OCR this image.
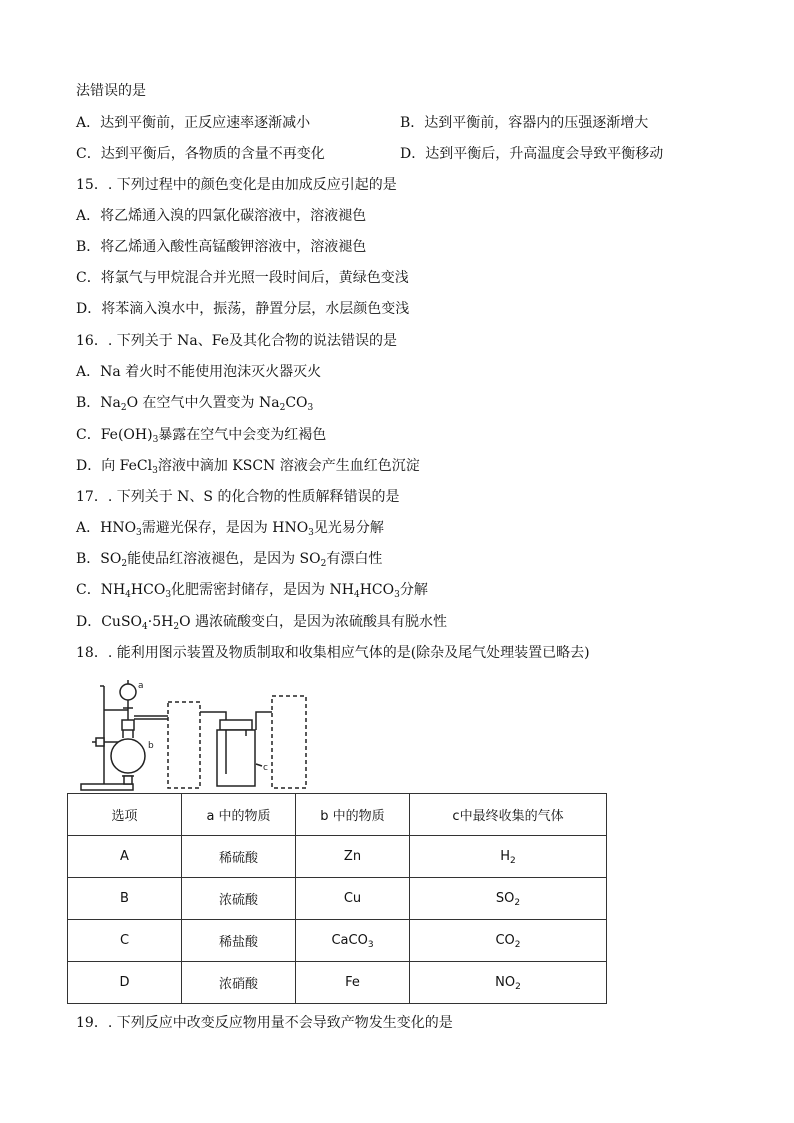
法错误的是
A．达到平衡前，正反应速率逐渐减小	B．达到平衡前，容器内的压强逐渐增大
C．达到平衡后，各物质的含量不再变化	D．达到平衡后，升高温度会导致平衡移动
15．. 下列过程中的颜色变化是由加成反应引起的是
A．将乙烯通入溴的四氯化碳溶液中，溶液褪色
B．将乙烯通入酸性高锰酸钾溶液中，溶液褪色
C．将氯气与甲烷混合并光照一段时间后，黄绿色变浅
D．将苯滴入溴水中，振荡，静置分层，水层颜色变浅
16．. 下列关于 Na、Fe及其化合物的说法错误的是
A．Na 着火时不能使用泡沫灭火器灭火
B．$Na_2O$ 在空气中久置变为 $Na_2CO_3$
C．$Fe(OH)_3$暴露在空气中会变为红褐色
D．向 FeCl$_3$溶液中滴加 KSCN 溶液会产生血红色沉淀
17．. 下列关于 N、S 的化合物的性质解释错误的是
A．$HNO_3$需避光保存，是因为 $HNO_3$见光易分解
B．$SO_2$能使品红溶液褪色，是因为 $SO_2$有漂白性
C．$NH_4HCO_3$化肥需密封储存，是因为 $NH_4HCO_3$分解
D．$CuSO_4\cdot 5H_2O$ 遇浓硫酸变白，是因为浓硫酸具有脱水性
18．. 能利用图示装置及物质制取和收集相应气体的是(除杂及尾气处理装置已略去)
a
b
c
选项	a 中的物质	b 中的物质	c中最终收集的气体
A	稀硫酸	Zn	$H_2$
B	浓硫酸	Cu	$SO_2$
C	稀盐酸	CaCO$_3$	$CO_2$
D	浓硝酸	Fe	$NO_2$
19．. 下列反应中改变反应物用量不会导致产物发生变化的是
